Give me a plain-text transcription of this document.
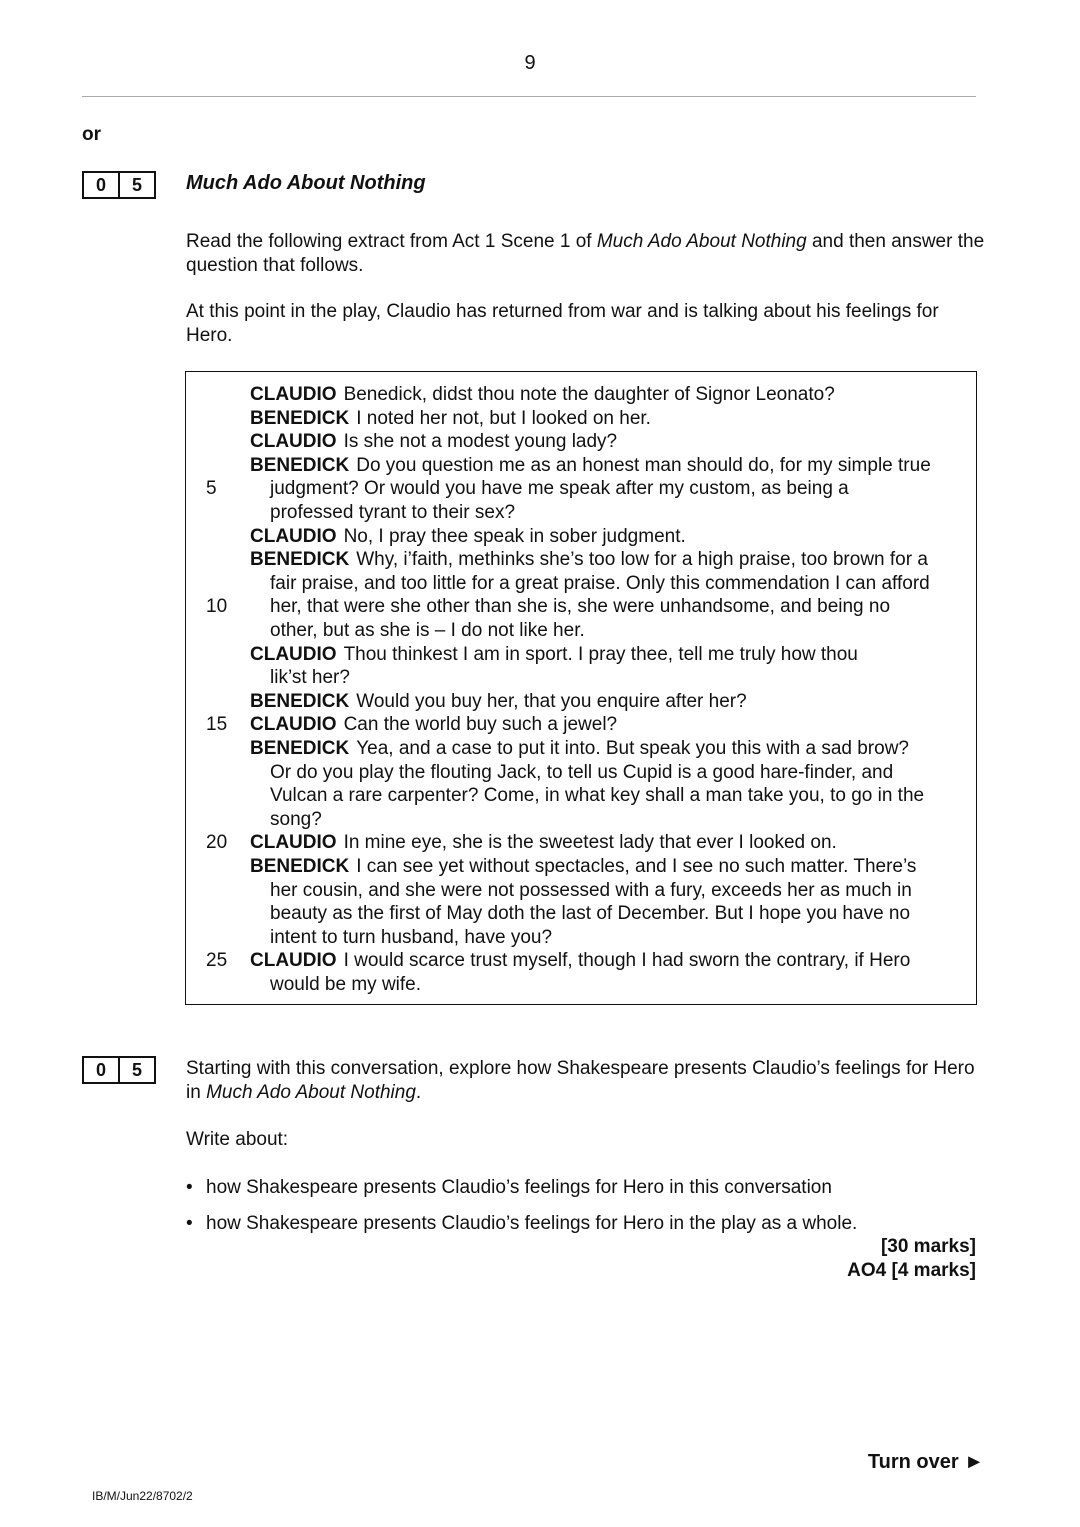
9
or
0	5	Much Ado About Nothing
Read the following extract from Act 1 Scene 1 of Much Ado About Nothing and then answer the question that follows.
At this point in the play, Claudio has returned from war and is talking about his feelings for Hero.
CLAUDIO Benedick, didst thou note the daughter of Signor Leonato?
BENEDICK I noted her not, but I looked on her.
CLAUDIO Is she not a modest young lady?
BENEDICK Do you question me as an honest man should do, for my simple true
5	judgment? Or would you have me speak after my custom, as being a
professed tyrant to their sex?
CLAUDIO No, I pray thee speak in sober judgment.
BENEDICK Why, i’faith, methinks she’s too low for a high praise, too brown for a
fair praise, and too little for a great praise. Only this commendation I can afford
10	her, that were she other than she is, she were unhandsome, and being no
other, but as she is – I do not like her.
CLAUDIO Thou thinkest I am in sport. I pray thee, tell me truly how thou
lik’st her?
BENEDICK Would you buy her, that you enquire after her?
15	CLAUDIO Can the world buy such a jewel?
BENEDICK Yea, and a case to put it into. But speak you this with a sad brow?
Or do you play the flouting Jack, to tell us Cupid is a good hare-finder, and
Vulcan a rare carpenter? Come, in what key shall a man take you, to go in the
song?
20	CLAUDIO In mine eye, she is the sweetest lady that ever I looked on.
BENEDICK I can see yet without spectacles, and I see no such matter. There’s
her cousin, and she were not possessed with a fury, exceeds her as much in
beauty as the first of May doth the last of December. But I hope you have no
intent to turn husband, have you?
25	CLAUDIO I would scarce trust myself, though I had sworn the contrary, if Hero
would be my wife.
0	5	Starting with this conversation, explore how Shakespeare presents Claudio’s feelings for Hero in Much Ado About Nothing.
Write about:
• how Shakespeare presents Claudio’s feelings for Hero in this conversation
• how Shakespeare presents Claudio’s feelings for Hero in the play as a whole.
[30 marks]
AO4 [4 marks]
Turn over ►
IB/M/Jun22/8702/2
